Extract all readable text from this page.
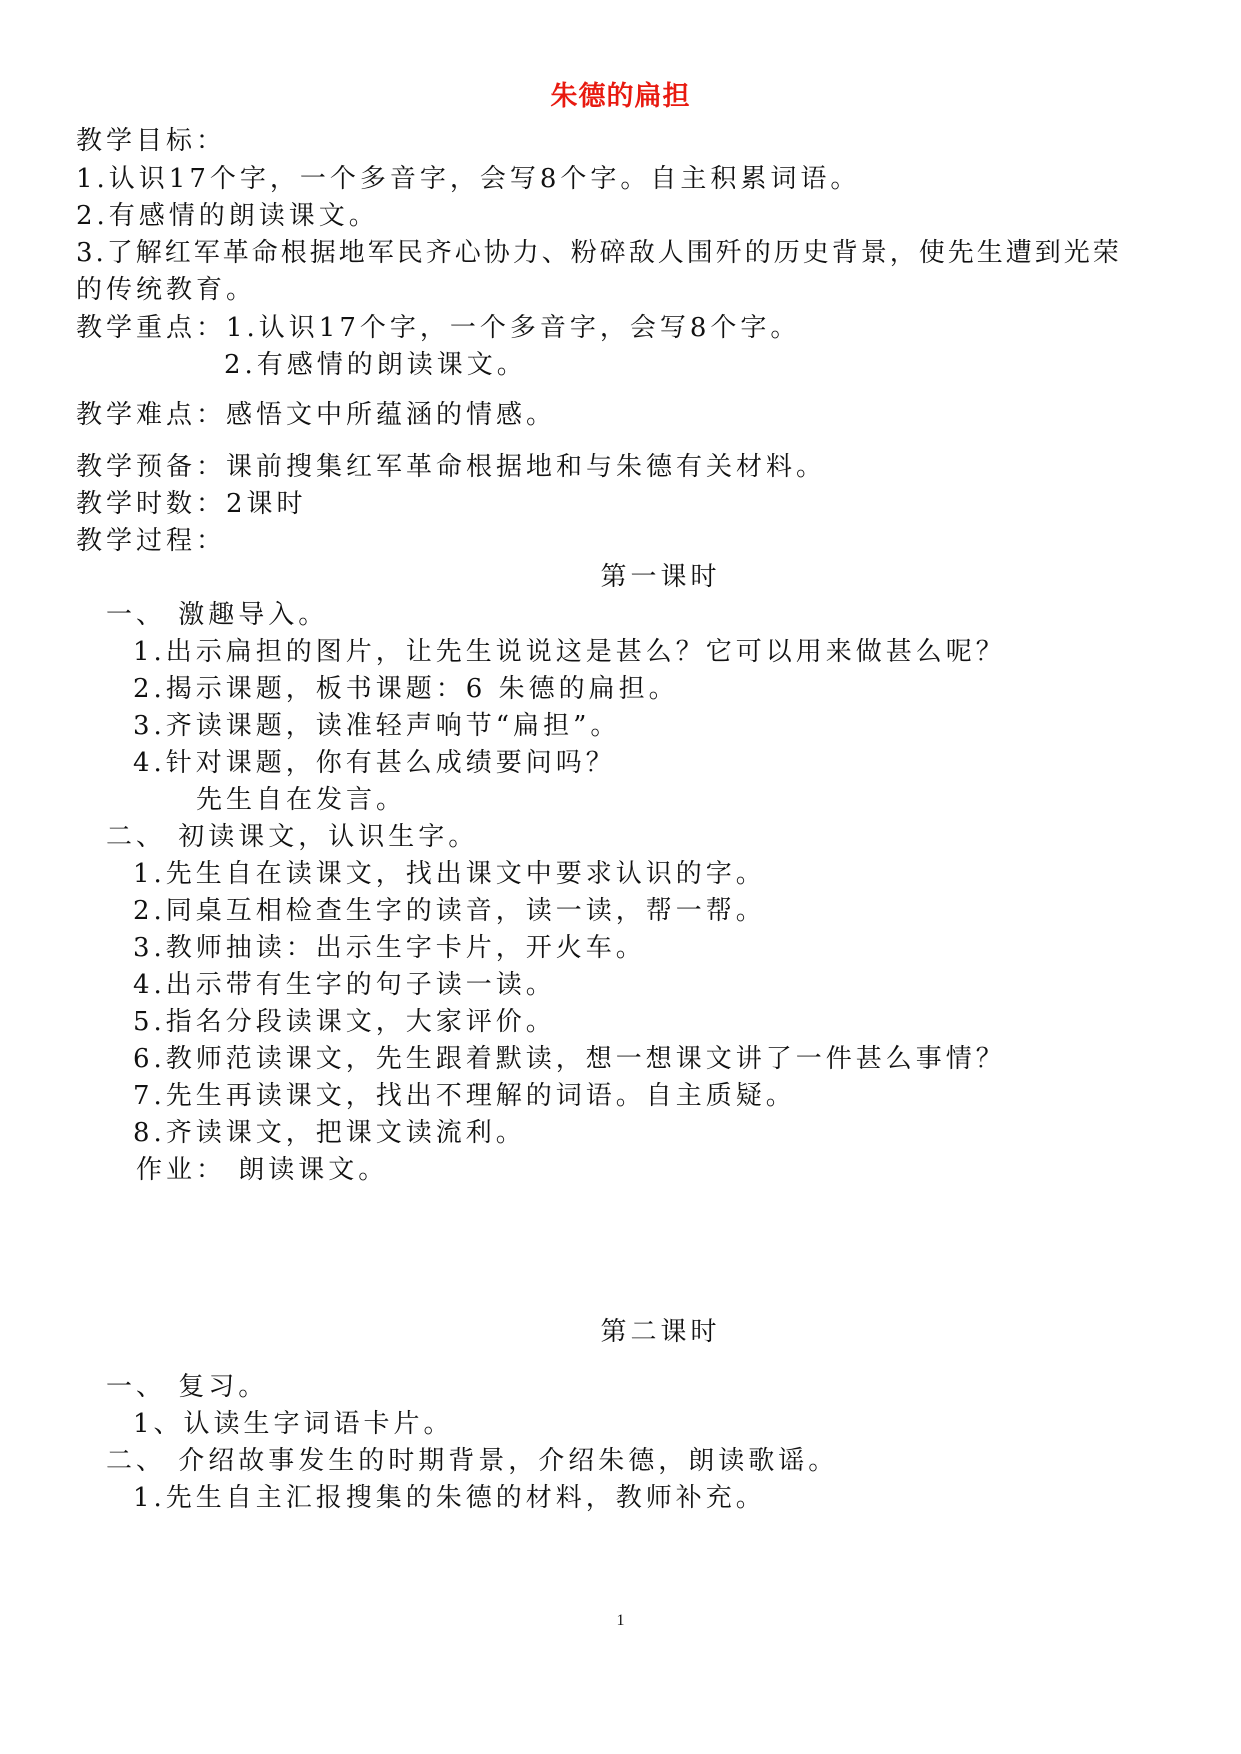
朱德的扁担
教学目标：
1.认识17个字，一个多音字，会写8个字。自主积累词语。
2.有感情的朗读课文。
3.了解红军革命根据地军民齐心协力、粉碎敌人围歼的历史背景，使先生遭到光荣
的传统教育。
教学重点：1.认识17个字，一个多音字，会写8个字。
2.有感情的朗读课文。
教学难点：感悟文中所蕴涵的情感。
教学预备：课前搜集红军革命根据地和与朱德有关材料。
教学时数：2课时
教学过程：
第一课时
一、 激趣导入。
1.出示扁担的图片，让先生说说这是甚么？它可以用来做甚么呢？
2.揭示课题，板书课题：6 朱德的扁担。
3.齐读课题，读准轻声响节“扁担”。
4.针对课题，你有甚么成绩要问吗？
先生自在发言。
二、 初读课文，认识生字。
1.先生自在读课文，找出课文中要求认识的字。
2.同桌互相检查生字的读音，读一读，帮一帮。
3.教师抽读：出示生字卡片，开火车。
4.出示带有生字的句子读一读。
5.指名分段读课文，大家评价。
6.教师范读课文，先生跟着默读，想一想课文讲了一件甚么事情？
7.先生再读课文，找出不理解的词语。自主质疑。
8.齐读课文，把课文读流利。
作业： 朗读课文。
第二课时
一、 复习。
1、认读生字词语卡片。
二、 介绍故事发生的时期背景，介绍朱德，朗读歌谣。
1.先生自主汇报搜集的朱德的材料，教师补充。
1
